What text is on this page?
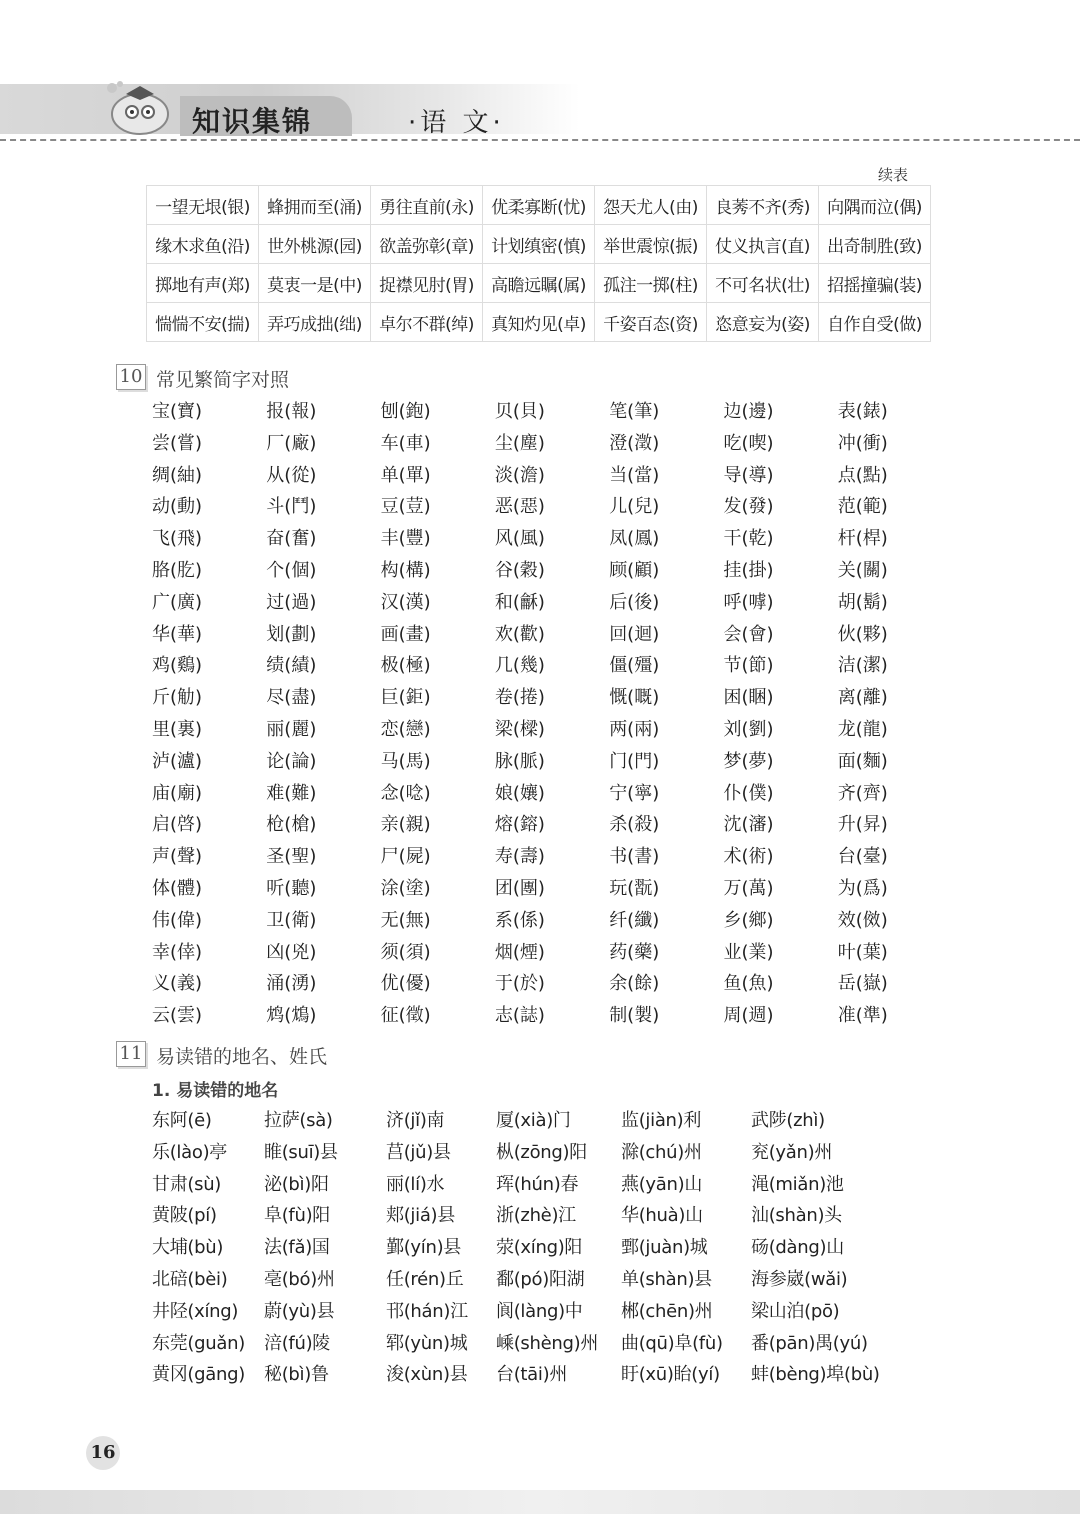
知识集锦	·语 文·
续表
一望无垠(银)	蜂拥而至(涌)	勇往直前(永)	优柔寡断(忧)	怨天尤人(由)	良莠不齐(秀)	向隅而泣(偶)
缘木求鱼(沿)	世外桃源(园)	欲盖弥彰(章)	计划缜密(慎)	举世震惊(振)	仗义执言(直)	出奇制胜(致)
掷地有声(郑)	莫衷一是(中)	捉襟见肘(胃)	高瞻远瞩(属)	孤注一掷(柱)	不可名状(壮)	招摇撞骗(装)
惴惴不安(揣)	弄巧成拙(绌)	卓尔不群(绰)	真知灼见(卓)	千姿百态(资)	恣意妄为(姿)	自作自受(做)
10 常见繁简字对照
宝(寶)	报(報)	刨(鉋)	贝(貝)	笔(筆)	边(邊)	表(錶)
尝(嘗)	厂(廠)	车(車)	尘(塵)	澄(澂)	吃(喫)	冲(衝)
绸(紬)	从(從)	单(單)	淡(澹)	当(當)	导(導)	点(點)
动(動)	斗(鬥)	豆(荳)	恶(惡)	儿(兒)	发(發)	范(範)
飞(飛)	奋(奮)	丰(豐)	风(風)	凤(鳳)	干(乾)	杆(桿)
胳(肐)	个(個)	构(構)	谷(穀)	顾(顧)	挂(掛)	关(關)
广(廣)	过(過)	汉(漢)	和(龢)	后(後)	呼(嘑)	胡(鬍)
华(華)	划(劃)	画(畫)	欢(歡)	回(迴)	会(會)	伙(夥)
鸡(鷄)	绩(績)	极(極)	几(幾)	僵(殭)	节(節)	洁(潔)
斤(觔)	尽(盡)	巨(鉅)	卷(捲)	慨(嘅)	困(睏)	离(離)
里(裏)	丽(麗)	恋(戀)	梁(樑)	两(兩)	刘(劉)	龙(龍)
泸(瀘)	论(論)	马(馬)	脉(脈)	门(門)	梦(夢)	面(麵)
庙(廟)	难(難)	念(唸)	娘(孃)	宁(寧)	仆(僕)	齐(齊)
启(啓)	枪(槍)	亲(親)	熔(鎔)	杀(殺)	沈(瀋)	升(昇)
声(聲)	圣(聖)	尸(屍)	寿(壽)	书(書)	术(術)	台(臺)
体(體)	听(聽)	涂(塗)	团(團)	玩(翫)	万(萬)	为(爲)
伟(偉)	卫(衛)	无(無)	系(係)	纤(纖)	乡(鄉)	效(傚)
幸(倖)	凶(兇)	须(須)	烟(煙)	药(藥)	业(業)	叶(葉)
义(義)	涌(湧)	优(優)	于(於)	余(餘)	鱼(魚)	岳(嶽)
云(雲)	鸩(鴆)	征(徵)	志(誌)	制(製)	周(週)	准(準)
11 易读错的地名、姓氏
1. 易读错的地名
东阿(ē)	拉萨(sà)	济(jǐ)南	厦(xià)门	监(jiàn)利	武陟(zhì)
乐(lào)亭	睢(suī)县	莒(jǔ)县	枞(zōng)阳	滁(chú)州	兖(yǎn)州
甘肃(sù)	泌(bì)阳	丽(lí)水	珲(hún)春	燕(yān)山	渑(miǎn)池
黄陂(pí)	阜(fù)阳	郏(jiá)县	浙(zhè)江	华(huà)山	汕(shàn)头
大埔(bù)	法(fǎ)国	鄞(yín)县	荥(xíng)阳	鄄(juàn)城	砀(dàng)山
北碚(bèi)	亳(bó)州	任(rén)丘	鄱(pó)阳湖	单(shàn)县	海参崴(wǎi)
井陉(xíng)	蔚(yù)县	邗(hán)江	阆(làng)中	郴(chēn)州	梁山泊(pō)
东莞(guǎn)	涪(fú)陵	郓(yùn)城	嵊(shèng)州	曲(qū)阜(fù)	番(pān)禺(yú)
黄冈(gāng)	秘(bì)鲁	浚(xùn)县	台(tāi)州	盱(xū)眙(yí)	蚌(bèng)埠(bù)
16
